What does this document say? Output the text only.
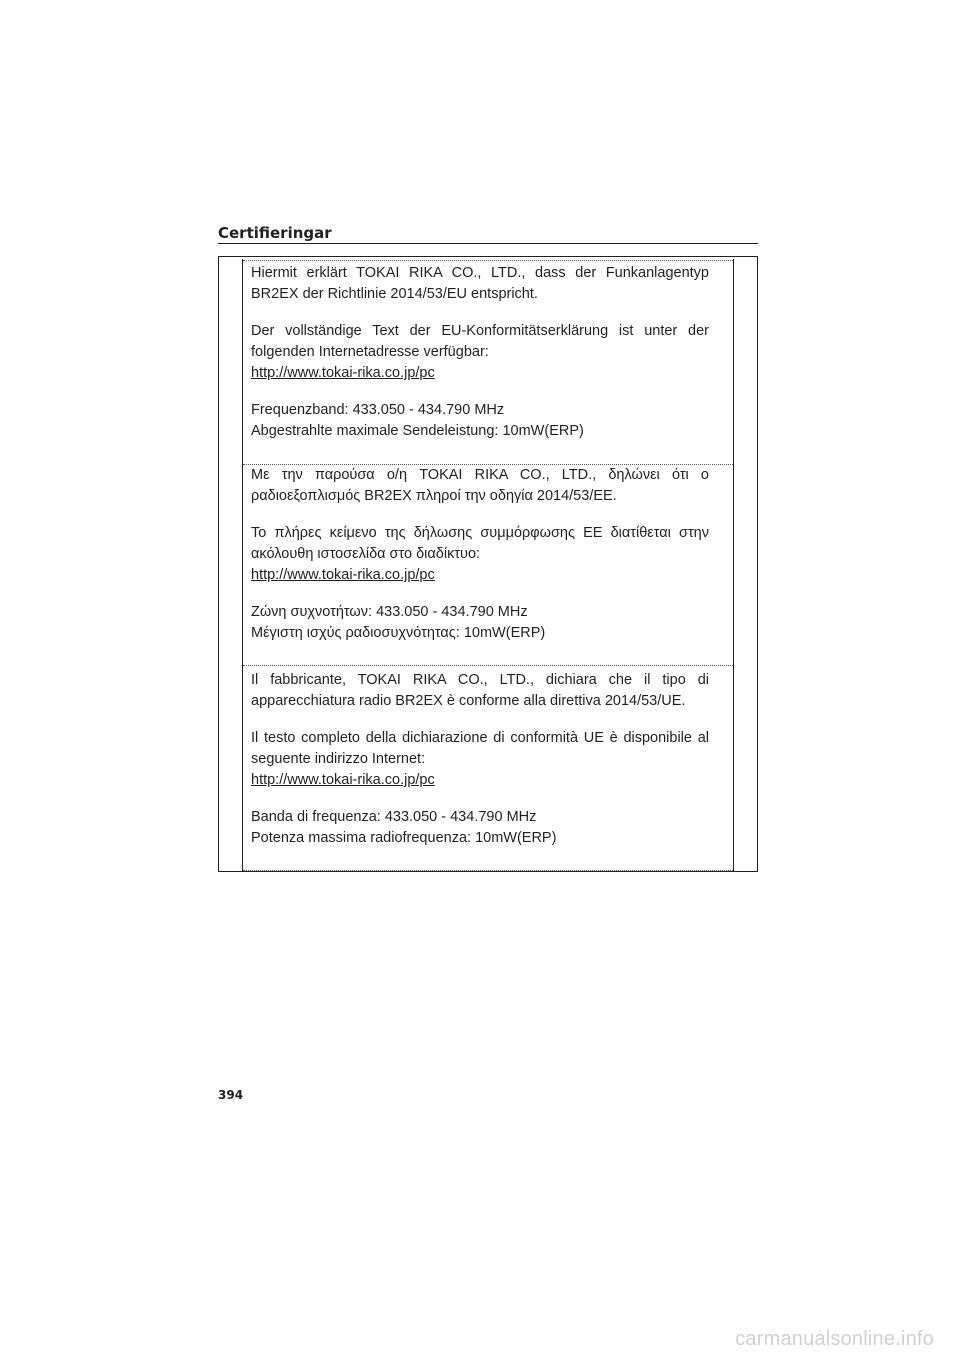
Certifieringar

Hiermit erklärt TOKAI RIKA CO., LTD., dass der Funkanlagentyp BR2EX der Richtlinie 2014/53/EU entspricht.

Der vollständige Text der EU-Konformitätserklärung ist unter der folgenden Internetadresse verfügbar:
http://www.tokai-rika.co.jp/pc

Frequenzband: 433.050 - 434.790 MHz

Abgestrahlte maximale Sendeleistung: 10mW(ERP)

Με την παρούσα ο/η TOKAI RIKA CO., LTD., δηλώνει ότι ο ραδιοεξοπλισμός BR2EX πληροί την οδηγία 2014/53/ΕΕ.

Το πλήρες κείμενο της δήλωσης συμμόρφωσης ΕΕ διατίθεται στην ακόλουθη ιστοσελίδα στο διαδίκτυο:
http://www.tokai-rika.co.jp/pc

Ζώνη συχνοτήτων: 433.050 - 434.790 MHz

Μέγιστη ισχύς ραδιοσυχνότητας: 10mW(ERP)

Il fabbricante, TOKAI RIKA CO., LTD., dichiara che il tipo di apparecchiatura radio BR2EX è conforme alla direttiva 2014/53/UE.

Il testo completo della dichiarazione di conformità UE è disponibile al seguente indirizzo Internet:
http://www.tokai-rika.co.jp/pc

Banda di frequenza: 433.050 - 434.790 MHz

Potenza massima radiofrequenza: 10mW(ERP)

394
carmanualsonline.info
